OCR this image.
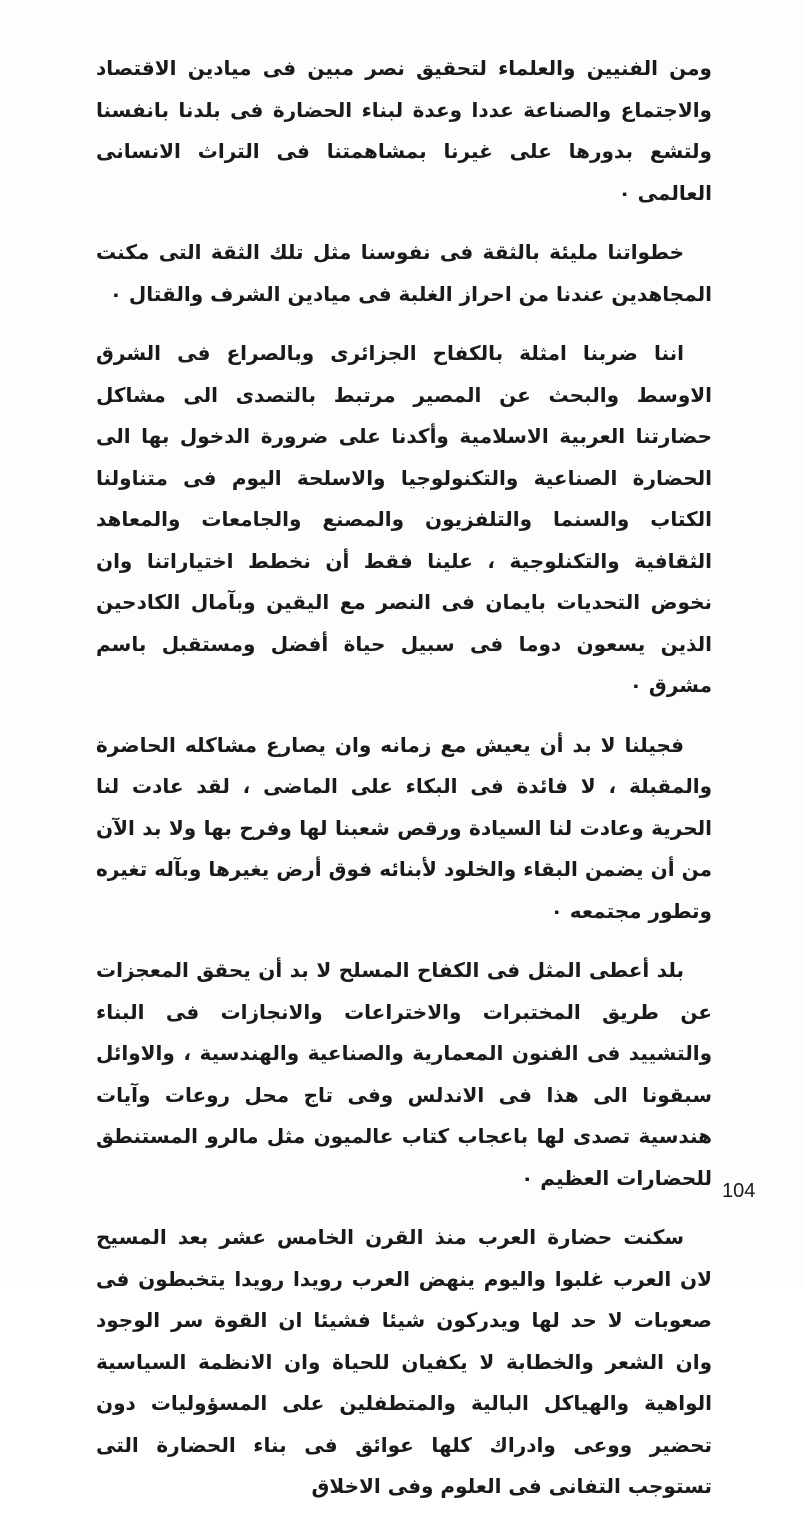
ومن الفنيين والعلماء لتحقيق نصر مبين فى ميادين الاقتصاد والاجتماع والصناعة عددا وعدة لبناء الحضارة فى بلدنا بانفسنا ولتشع بدورها على غيرنا بمشاهمتنا فى التراث الانسانى العالمى ٠

خطواتنا مليئة بالثقة فى نفوسنا مثل تلك الثقة التى مكنت المجاهدين عندنا من احراز الغلبة فى ميادين الشرف والقتال ٠

اننا ضربنا امثلة بالكفاح الجزائرى وبالصراع فى الشرق الاوسط والبحث عن المصير مرتبط بالتصدى الى مشاكل حضارتنا العربية الاسلامية وأكدنا على ضرورة الدخول بها الى الحضارة الصناعية والتكنولوجيا والاسلحة اليوم فى متناولنا الكتاب والسنما والتلفزيون والمصنع والجامعات والمعاهد الثقافية والتكنلوجية ، علينا فقط أن نخطط اختياراتنا وان نخوض التحديات بايمان فى النصر مع اليقين وبآمال الكادحين الذين يسعون دوما فى سبيل حياة أفضل ومستقبل باسم مشرق ٠

فجيلنا لا بد أن يعيش مع زمانه وان يصارع مشاكله الحاضرة والمقبلة ، لا فائدة فى البكاء على الماضى ، لقد عادت لنا الحرية وعادت لنا السيادة ورقص شعبنا لها وفرح بها ولا بد الآن من أن يضمن البقاء والخلود لأبنائه فوق أرض يغيرها وبآله تغيره وتطور مجتمعه ٠

بلد أعطى المثل فى الكفاح المسلح لا بد أن يحقق المعجزات عن طريق المختبرات والاختراعات والانجازات فى البناء والتشييد فى الفنون المعمارية والصناعية والهندسية ، والاوائل سبقونا الى هذا فى الاندلس وفى تاج محل روعات وآيات هندسية تصدى لها باعجاب كتاب عالميون مثل مالرو المستنطق للحضارات العظيم ٠

سكنت حضارة العرب منذ القرن الخامس عشر بعد المسيح لان العرب غلبوا واليوم ينهض العرب رويدا رويدا يتخبطون فى صعوبات لا حد لها ويدركون شيئا فشيئا ان القوة سر الوجود وان الشعر والخطابة لا يكفيان للحياة وان الانظمة السياسية الواهية والهياكل البالية والمتطفلين على المسؤوليات دون تحضير ووعى وادراك كلها عوائق فى بناء الحضارة التى تستوجب التفانى فى العلوم وفى الاخلاق

104
